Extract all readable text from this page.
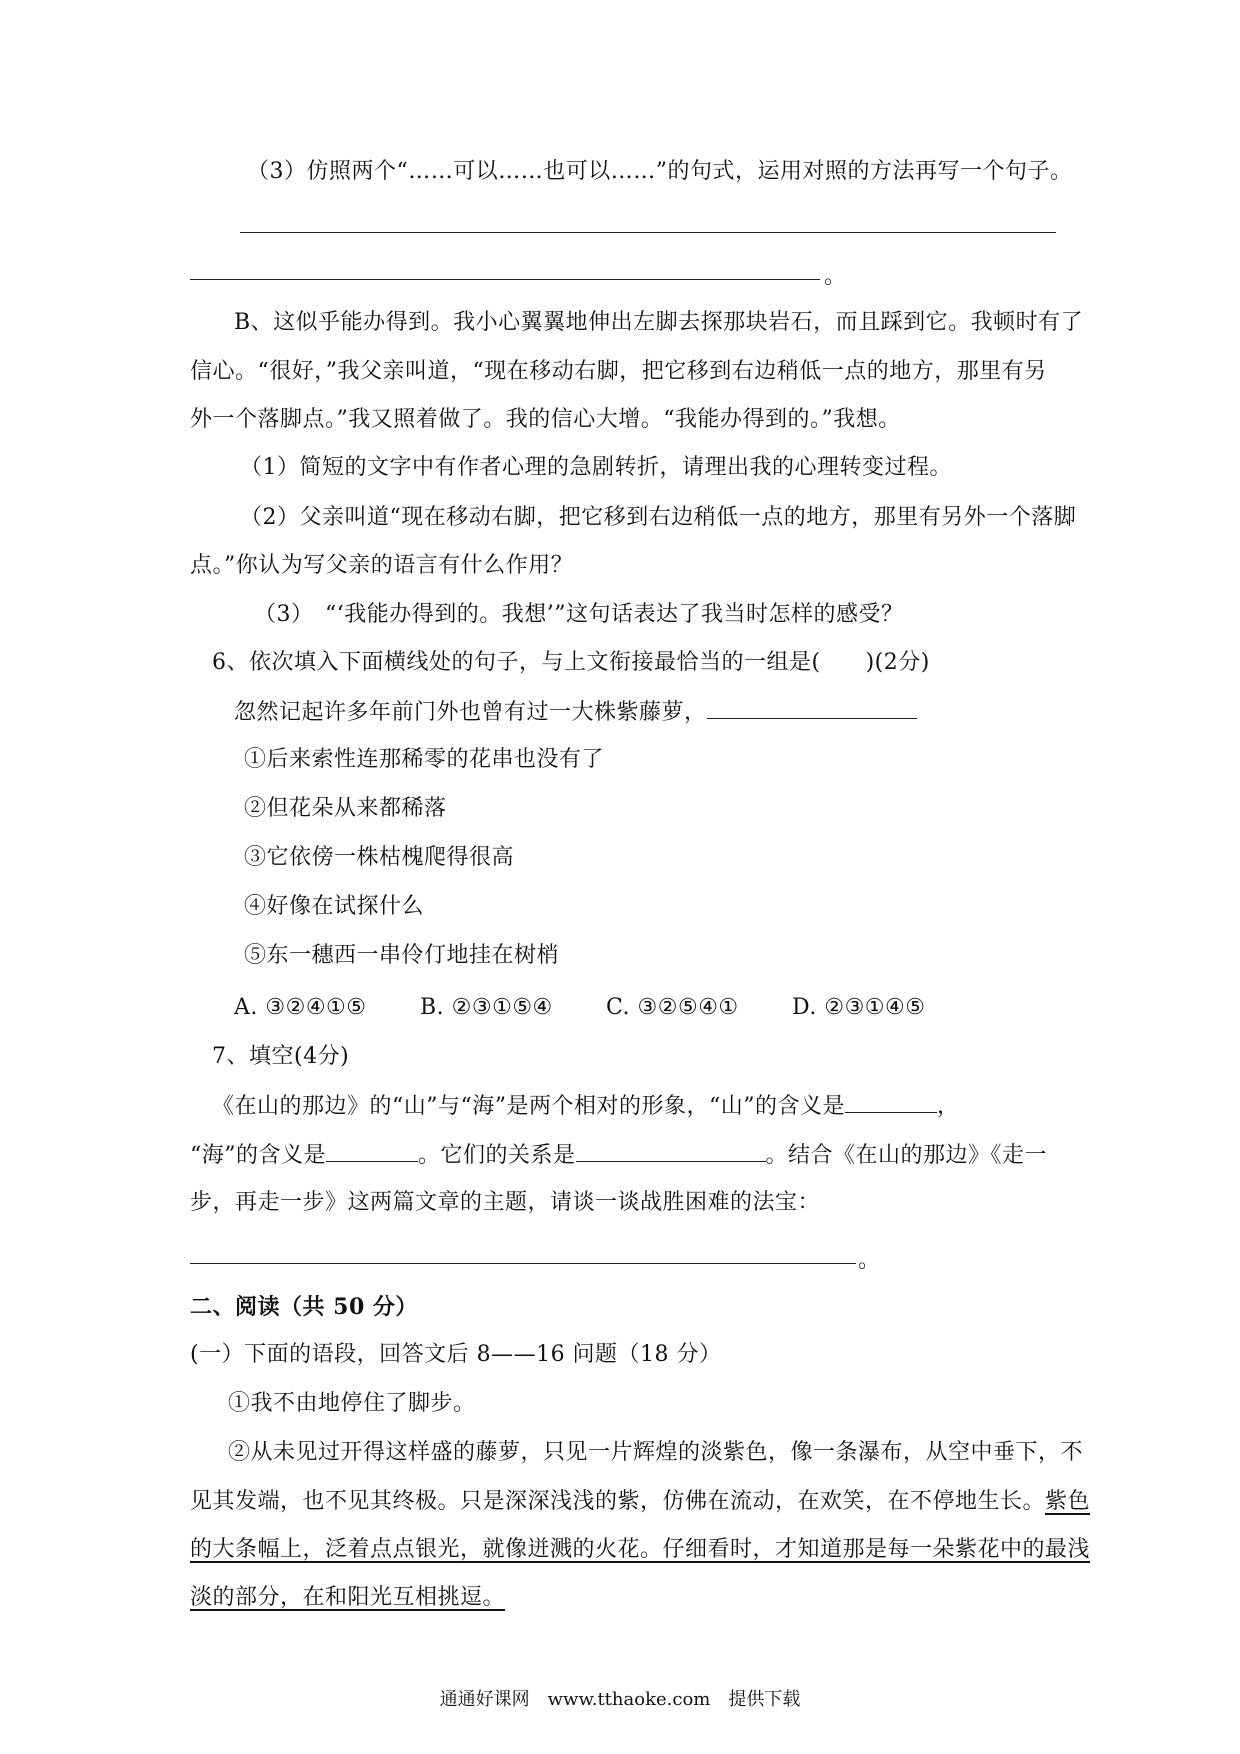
（3）仿照两个“……可以……也可以……”的句式，运用对照的方法再写一个句子。
。
B、这似乎能办得到。我小心翼翼地伸出左脚去探那块岩石，而且踩到它。我顿时有了
信心。“很好，”我父亲叫道，“现在移动右脚，把它移到右边稍低一点的地方，那里有另
外一个落脚点。”我又照着做了。我的信心大增。“我能办得到的。”我想。
（1）简短的文字中有作者心理的急剧转折，请理出我的心理转变过程。
（2）父亲叫道“现在移动右脚，把它移到右边稍低一点的地方，那里有另外一个落脚
点。”你认为写父亲的语言有什么作用？
（3）　“‘我能办得到的。我想’”这句话表达了我当时怎样的感受？
6、依次填入下面横线处的句子，与上文衔接最恰当的一组是(　　)(2分)
忽然记起许多年前门外也曾有过一大株紫藤萝，
①后来索性连那稀零的花串也没有了
②但花朵从来都稀落
③它依傍一株枯槐爬得很高
④好像在试探什么
⑤东一穗西一串伶仃地挂在树梢
A. ③②④①⑤ B. ②③①⑤④ C. ③②⑤④① D. ②③①④⑤
7、填空(4分)
《在山的那边》的“山”与“海”是两个相对的形象，“山”的含义是	，
“海”的含义是	。它们的关系是	。结合《在山的那边》《走一
步，再走一步》这两篇文章的主题，请谈一谈战胜困难的法宝：
。
二、阅读（共 50 分）
(一）下面的语段，回答文后 8——16 问题（18 分）
①我不由地停住了脚步。
②从未见过开得这样盛的藤萝，只见一片辉煌的淡紫色，像一条瀑布，从空中垂下，不
见其发端，也不见其终极。只是深深浅浅的紫，仿佛在流动，在欢笑，在不停地生长。紫色
的大条幅上，泛着点点银光，就像迸溅的火花。仔细看时，才知道那是每一朵紫花中的最浅
淡的部分，在和阳光互相挑逗。
通通好课网　www.tthaoke.com　提供下载
